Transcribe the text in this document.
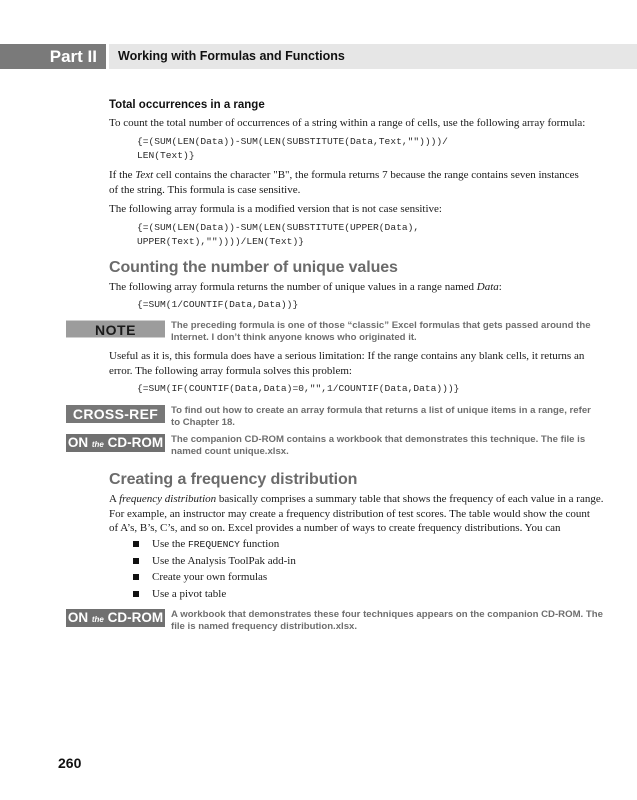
Part II	Working with Formulas and Functions
Total occurrences in a range
To count the total number of occurrences of a string within a range of cells, use the following array formula:
{=(SUM(LEN(Data))-SUM(LEN(SUBSTITUTE(Data,Text,""))))/
LEN(Text)}
If the Text cell contains the character "B", the formula returns 7 because the range contains seven instances
of the string. This formula is case sensitive.
The following array formula is a modified version that is not case sensitive:
{=(SUM(LEN(Data))-SUM(LEN(SUBSTITUTE(UPPER(Data),
UPPER(Text),""))))/LEN(Text)}
Counting the number of unique values
The following array formula returns the number of unique values in a range named Data:
{=SUM(1/COUNTIF(Data,Data))}
NOTE	The preceding formula is one of those “classic” Excel formulas that gets passed around the
Internet. I don’t think anyone knows who originated it.
Useful as it is, this formula does have a serious limitation: If the range contains any blank cells, it returns an
error. The following array formula solves this problem:
{=SUM(IF(COUNTIF(Data,Data)=0,"",1/COUNTIF(Data,Data)))}
CROSS-REF	To find out how to create an array formula that returns a list of unique items in a range, refer
to Chapter 18.
ON the CD-ROM The companion CD-ROM contains a workbook that demonstrates this technique. The file is
named count unique.xlsx.
Creating a frequency distribution
A frequency distribution basically comprises a summary table that shows the frequency of each value in a range.
For example, an instructor may create a frequency distribution of test scores. The table would show the count
of A’s, B’s, C’s, and so on. Excel provides a number of ways to create frequency distributions. You can
Use the FREQUENCY function
Use the Analysis ToolPak add-in
Create your own formulas
Use a pivot table
ON the CD-ROM A workbook that demonstrates these four techniques appears on the companion CD-ROM. The
file is named frequency distribution.xlsx.
260
